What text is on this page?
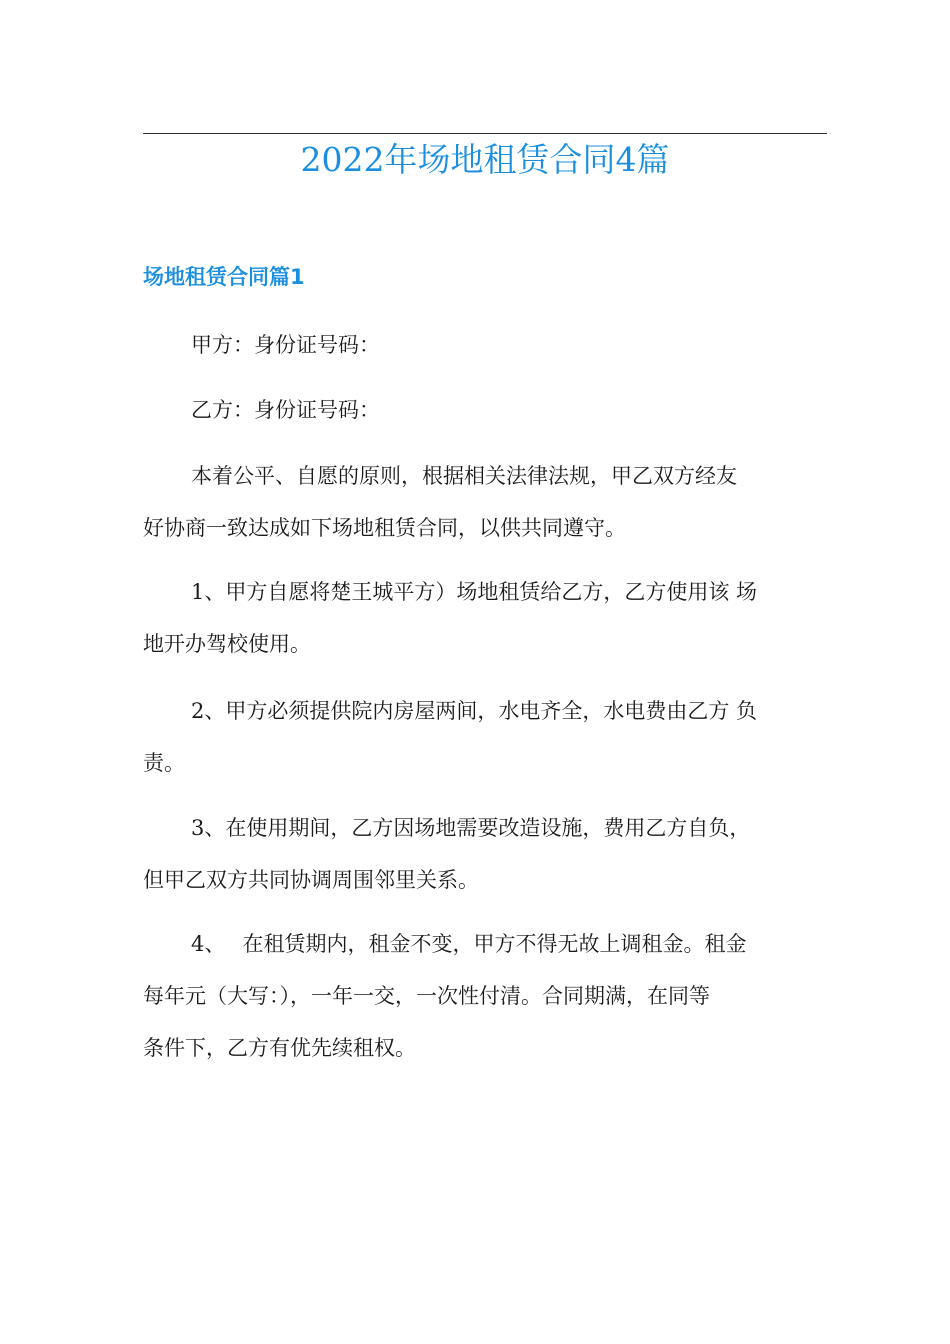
2022年场地租赁合同4篇
场地租赁合同篇1

甲方：身份证号码：

乙方：身份证号码：

本着公平、自愿的原则，根据相关法律法规，甲乙双方经友
好协商一致达成如下场地租赁合同，以供共同遵守。

1、甲方自愿将楚王城平方）场地租赁给乙方，乙方使用该 场
地开办驾校使用。

2、甲方必须提供院内房屋两间，水电齐全，水电费由乙方 负
责。

3、在使用期间，乙方因场地需要改造设施，费用乙方自负，
但甲乙双方共同协调周围邻里关系。

4、　 在租赁期内，租金不变，甲方不得无故上调租金。租金
每年元（大写：），一年一交，一次性付清。合同期满，在同等
条件下，乙方有优先续租权。
